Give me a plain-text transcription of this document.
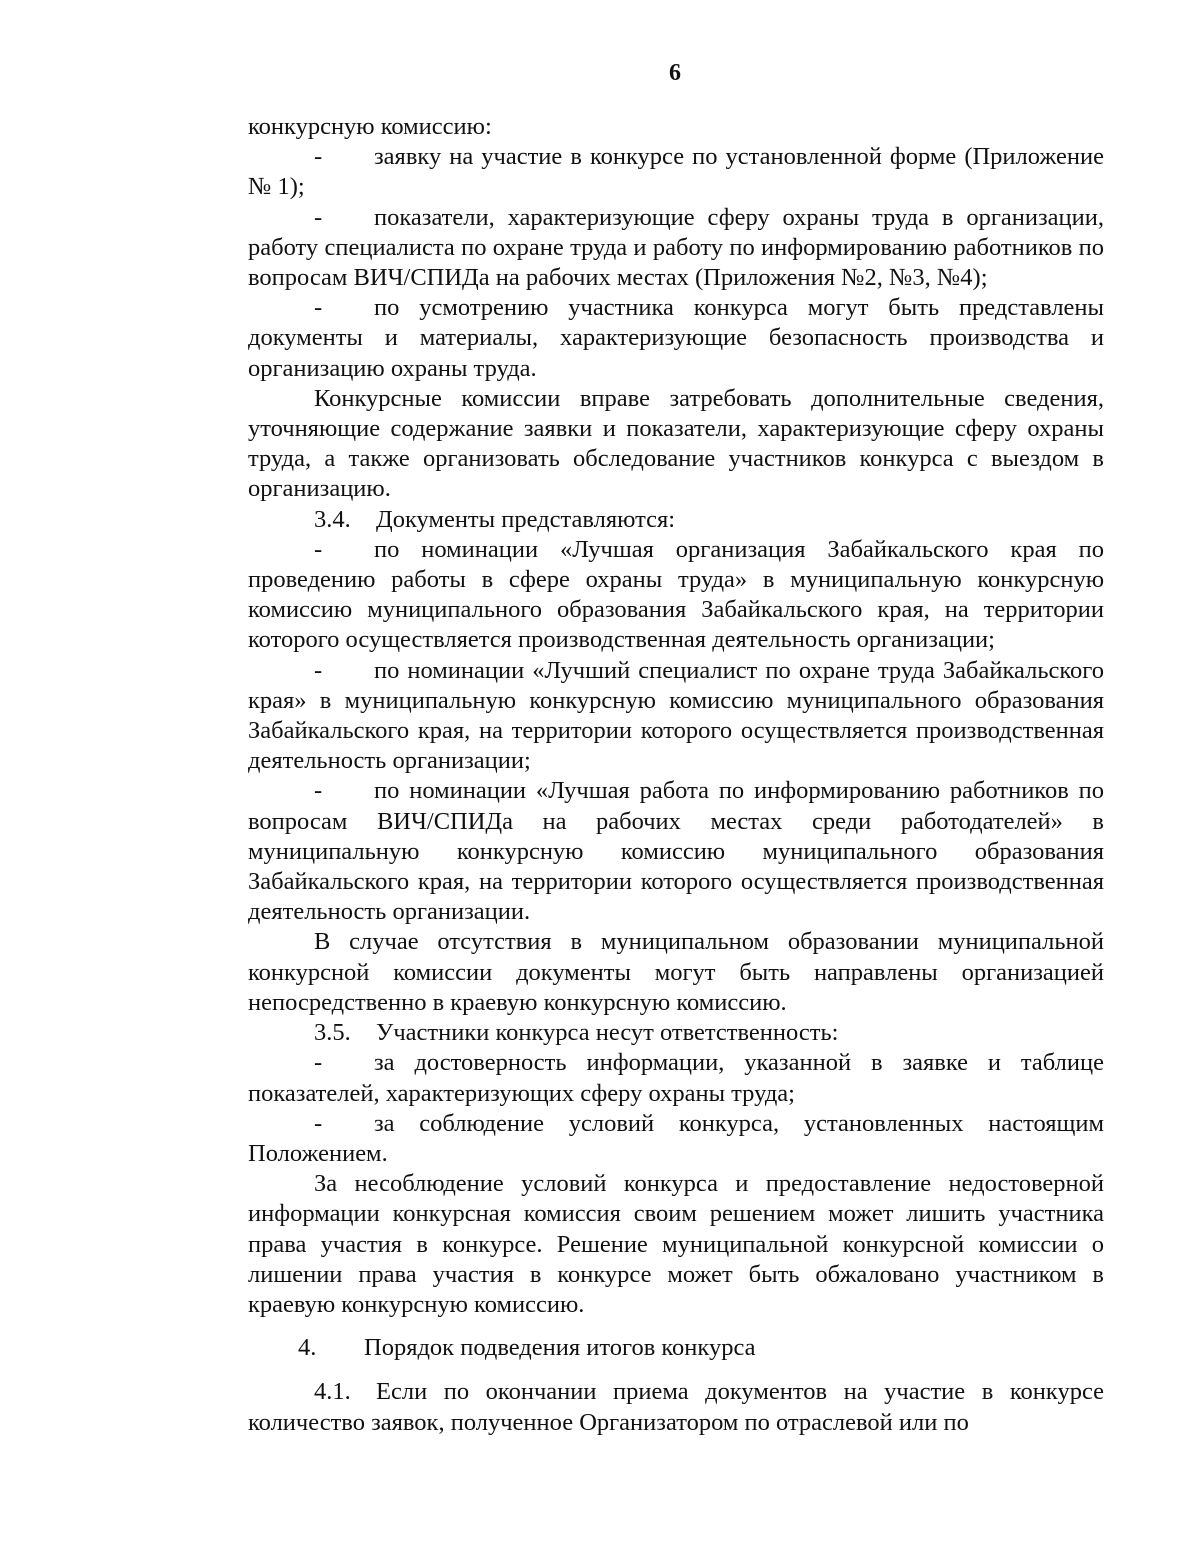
6

конкурсную комиссию:

- заявку на участие в конкурсе по установленной форме (Приложение № 1);

- показатели, характеризующие сферу охраны труда в организации, работу специалиста по охране труда и работу по информированию работников по вопросам ВИЧ/СПИДа на рабочих местах (Приложения №2, №3, №4);

- по усмотрению участника конкурса могут быть представлены документы и материалы, характеризующие безопасность производства и организацию охраны труда.

Конкурсные комиссии вправе затребовать дополнительные сведения, уточняющие содержание заявки и показатели, характеризующие сферу охраны труда, а также организовать обследование участников конкурса с выездом в организацию.

3.4. Документы представляются:

- по номинации «Лучшая организация Забайкальского края по проведению работы в сфере охраны труда» в муниципальную конкурсную комиссию муниципального образования Забайкальского края, на территории которого осуществляется производственная деятельность организации;

- по номинации «Лучший специалист по охране труда Забайкальского края» в муниципальную конкурсную комиссию муниципального образования Забайкальского края, на территории которого осуществляется производственная деятельность организации;

- по номинации «Лучшая работа по информированию работников по вопросам ВИЧ/СПИДа на рабочих местах среди работодателей» в муниципальную конкурсную комиссию муниципального образования Забайкальского края, на территории которого осуществляется производственная деятельность организации.

В случае отсутствия в муниципальном образовании муниципальной конкурсной комиссии документы могут быть направлены организацией непосредственно в краевую конкурсную комиссию.

3.5. Участники конкурса несут ответственность:

- за достоверность информации, указанной в заявке и таблице показателей, характеризующих сферу охраны труда;

- за соблюдение условий конкурса, установленных настоящим Положением.

За несоблюдение условий конкурса и предоставление недостоверной информации конкурсная комиссия своим решением может лишить участника права участия в конкурсе. Решение муниципальной конкурсной комиссии о лишении права участия в конкурсе может быть обжаловано участником в краевую конкурсную комиссию.

4. Порядок подведения итогов конкурса

4.1. Если по окончании приема документов на участие в конкурсе количество заявок, полученное Организатором по отраслевой или по
